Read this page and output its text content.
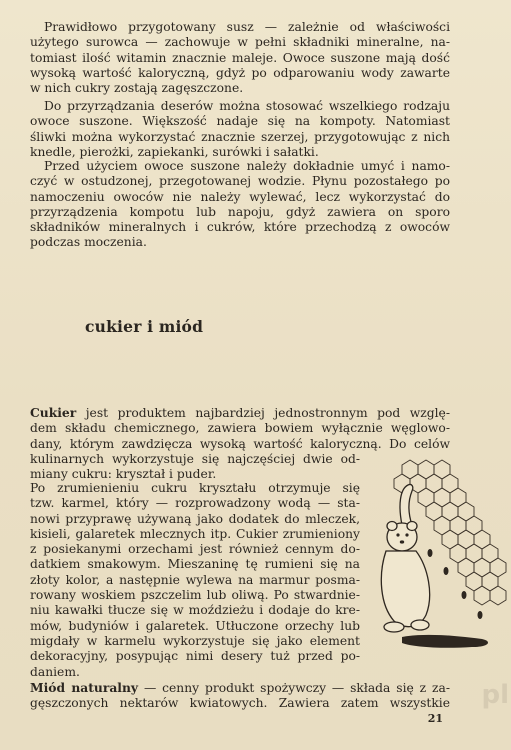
Prawidłowo przygotowany susz — zależnie od właściwości
użytego surowca — zachowuje w pełni składniki mineralne, na-
tomiast ilość witamin znacznie maleje. Owoce suszone mają dość
wysoką wartość kaloryczną, gdyż po odparowaniu wody zawarte
w nich cukry zostają zagęszczone.
Do przyrządzania deserów można stosować wszelkiego rodzaju
owoce suszone. Większość nadaje się na kompoty. Natomiast
śliwki można wykorzystać znacznie szerzej, przygotowując z nich
knedle, pierożki, zapiekanki, surówki i sałatki.
Przed użyciem owoce suszone należy dokładnie umyć i namo-
czyć w ostudzonej, przegotowanej wodzie. Płynu pozostałego po
namoczeniu owoców nie należy wylewać, lecz wykorzystać do
przyrządzenia kompotu lub napoju, gdyż zawiera on sporo
składników mineralnych i cukrów, które przechodzą z owoców
podczas moczenia.
cukier i miód
Cukier jest produktem najbardziej jednostronnym pod wzglę-
dem składu chemicznego, zawiera bowiem wyłącznie węglowo-
dany, którym zawdzięcza wysoką wartość kaloryczną. Do celów
kulinarnych wykorzystuje się najczęściej dwie od-
miany cukru: kryształ i puder.
Po zrumienieniu cukru kryształu otrzymuje się
tzw. karmel, który — rozprowadzony wodą — sta-
nowi przyprawę używaną jako dodatek do mleczek,
kisieli, galaretek mlecznych itp. Cukier zrumieniony
z posiekanymi orzechami jest również cennym do-
datkiem smakowym. Mieszaninę tę rumieni się na
złoty kolor, a następnie wylewa na marmur posma-
rowany woskiem pszczelim lub oliwą. Po stwardnie-
niu kawałki tłucze się w moździeżu i dodaje do kre-
mów, budyniów i galaretek. Utłuczone orzechy lub
migdały w karmelu wykorzystuje się jako element
dekoracyjny, posypując nimi desery tuż przed po-
daniem.
Miód naturalny — cenny produkt spożywczy — składa się z za-
gęszczonych nektarów kwiatowych. Zawiera zatem wszystkie
21
pl
